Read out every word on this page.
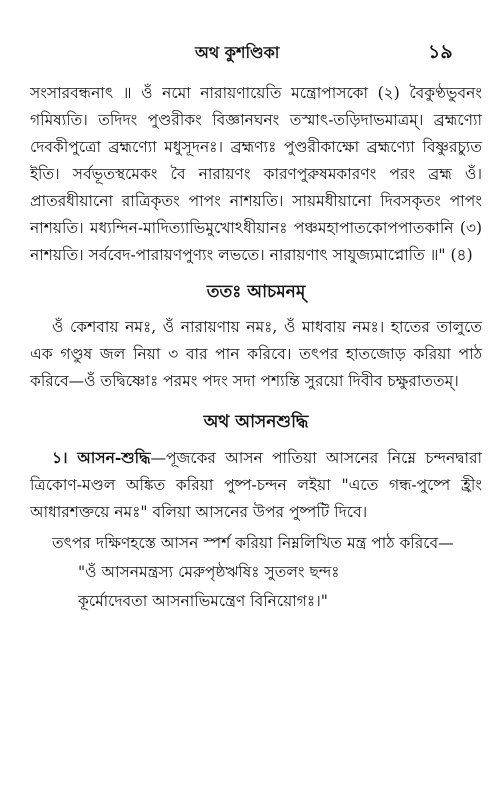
অথ কুশণ্ডিকা	১৯

সংসারবন্ধনাৎ ॥ ওঁ নমো নারায়ণায়েতি মন্ত্রোপাসকো (২) বৈকুণ্ঠভুবনং গমিষ্যতি। তদিদং পুণ্ডরীকং বিজ্ঞানঘনং তস্মাৎ-তড়িদাভমাত্রম্। ব্রহ্মণ্যো দেবকীপুত্রো ব্রহ্মণ্যো মধুসূদনঃ। ব্রহ্মণ্যঃ পুণ্ডরীকাক্ষো ব্রহ্মণ্যো বিষ্ণুরচ্যুত ইতি। সর্বভূতস্থমেকং বৈ নারায়ণং কারণপুরুষমকারণং পরং ব্রহ্ম ওঁ। প্রাতরধীয়ানো রাত্রিকৃতং পাপং নাশয়তি। সায়মধীয়ানো দিবসকৃতং পাপং নাশয়তি। মধ্যন্দিন-মাদিত্যাভিমুখোঽধীয়ানঃ পঞ্চমহাপাতকোপপাতকানি (৩) নাশয়তি। সর্ববেদ-পারায়ণপুণ্যং লভতে। নারায়ণাৎ সাযুজ্যমাপ্নোতি ॥" (৪)

ততঃ আচমনম্

ওঁ কেশবায় নমঃ, ওঁ নারায়ণায় নমঃ, ওঁ মাধবায় নমঃ। হাতের তালুতে এক গণ্ডুষ জল নিয়া ৩ বার পান করিবে। তৎপর হাতজোড় করিয়া পাঠ করিবে—ওঁ তদ্বিষ্ণোঃ পরমং পদং সদা পশ্যন্তি সুরয়ো দিবীব চক্ষুরাততম্।

অথ আসনশুদ্ধি

১। আসন-শুদ্ধি—পূজকের আসন পাতিয়া আসনের নিম্নে চন্দনদ্বারা ত্রিকোণ-মণ্ডল অঙ্কিত করিয়া পুষ্প-চন্দন লইয়া "এতে গন্ধ-পুষ্পে হ্রীং আধারশক্তয়ে নমঃ" বলিয়া আসনের উপর পুষ্পটি দিবে।

তৎপর দক্ষিণহস্তে আসন স্পর্শ করিয়া নিম্নলিখিত মন্ত্র পাঠ করিবে—

"ওঁ আসনমন্ত্রস্য মেরুপৃষ্ঠঋষিঃ সুতলং ছন্দঃ
কূর্মোদেবতা আসনাভিমন্ত্রেণ বিনিয়োগঃ।"
